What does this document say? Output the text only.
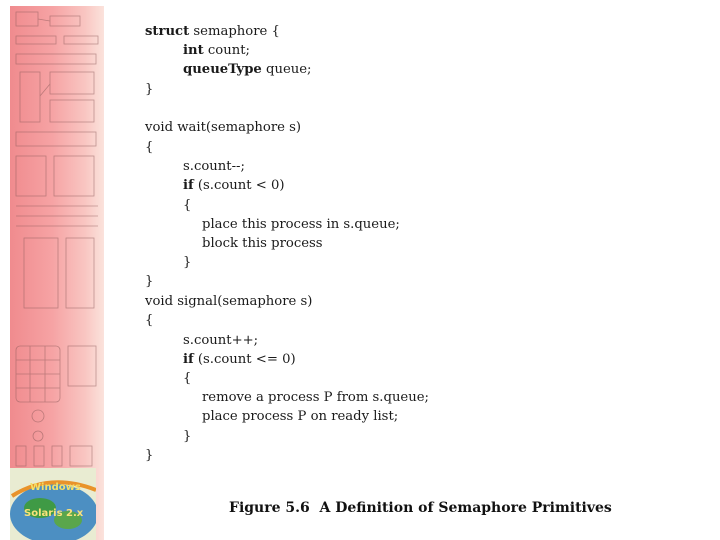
Windows
Solaris 2.x
struct semaphore {
int count;
queueType queue;
}
void wait(semaphore s)
{
s.count--;
if (s.count < 0)
{
place this process in s.queue;
block this process
}
}
void signal(semaphore s)
{
s.count++;
if (s.count <= 0)
{
remove a process P from s.queue;
place process P on ready list;
}
}
Figure 5.6  A Definition of Semaphore Primitives
